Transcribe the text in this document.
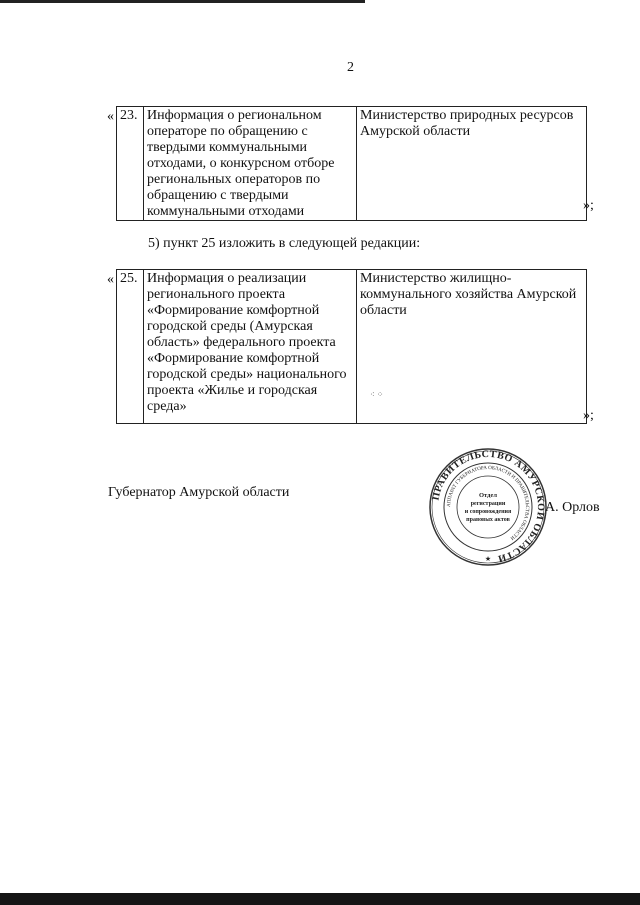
2
« 23.	Информация о региональном операторе по обращению с твердыми коммунальными отходами, о конкурсном отборе региональных операторов по обращению с твердыми коммунальными отходами	Министерство природных ресурсов Амурской области
»;
5) пункт 25 изложить в следующей редакции:
« 25.	Информация о реализации регионального проекта «Формирование комфортной городской среды (Амурская область» федерального проекта «Формирование комфортной городской среды» национального проекта «Жилье и городская среда»	Министерство жилищно-коммунального хозяйства Амурской области
»;
⁖ ⁘
Губернатор Амурской области
А. Орлов
ПРАВИТЕЛЬСТВО АМУРСКОЙ ОБЛАСТИ
АППАРАТ ГУБЕРНАТОРА ОБЛАСТИ И ПРАВИТЕЛЬСТВА ОБЛАСТИ
Отдел
регистрации
и сопровождения
правовых актов
★
